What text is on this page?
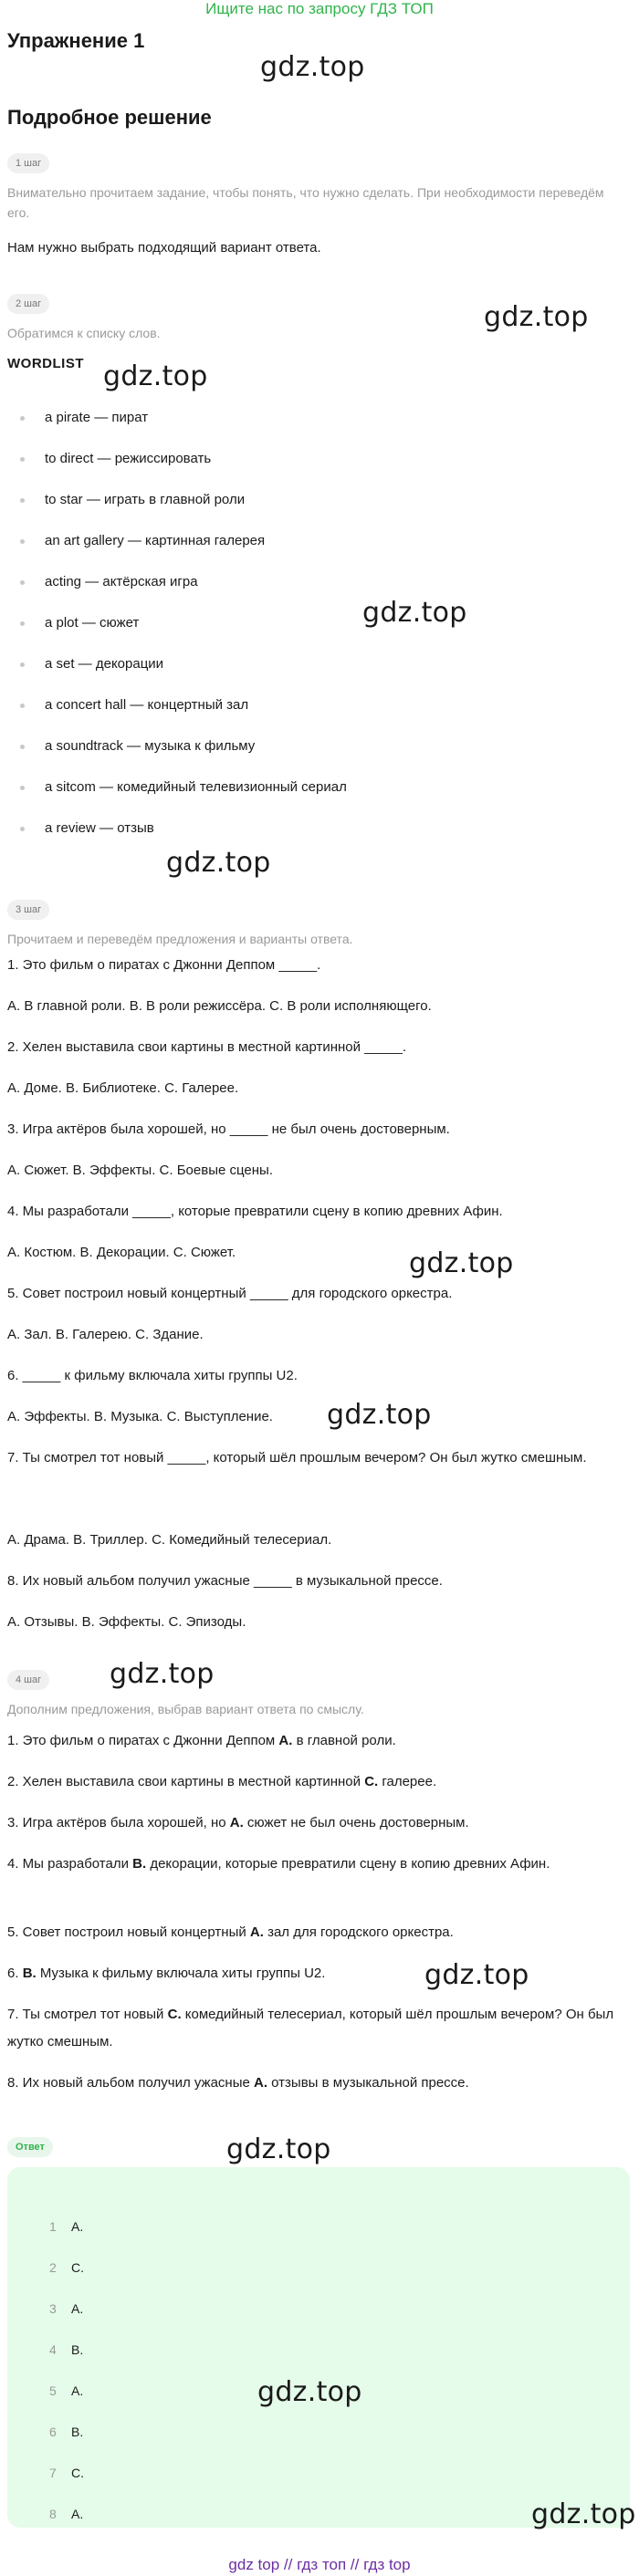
Ищите нас по запросу ГДЗ ТОП
Упражнение 1
Подробное решение
1 шаг
Внимательно прочитаем задание, чтобы понять, что нужно сделать. При необходимости переведём его.
Нам нужно выбрать подходящий вариант ответа.
2 шаг
Обратимся к списку слов.
WORDLIST
a pirate — пират
to direct — режиссировать
to star — играть в главной роли
an art gallery — картинная галерея
acting — актёрская игра
a plot — сюжет
a set — декорации
a concert hall — концертный зал
a soundtrack — музыка к фильму
a sitcom — комедийный телевизионный сериал
a review — отзыв
3 шаг
Прочитаем и переведём предложения и варианты ответа.
1. Это фильм о пиратах с Джонни Деппом _____.
A. В главной роли. B. В роли режиссёра. C. В роли исполняющего.
2. Хелен выставила свои картины в местной картинной _____.
A. Доме. B. Библиотеке. C. Галерее.
3. Игра актёров была хорошей, но _____ не был очень достоверным.
A. Сюжет. B. Эффекты. C. Боевые сцены.
4. Мы разработали _____, которые превратили сцену в копию древних Афин.
A. Костюм. B. Декорации. C. Сюжет.
5. Совет построил новый концертный _____ для городского оркестра.
A. Зал. B. Галерею. C. Здание.
6. _____ к фильму включала хиты группы U2.
A. Эффекты. B. Музыка. C. Выступление.
7. Ты смотрел тот новый _____, который шёл прошлым вечером? Он был жутко смешным.
A. Драма. B. Триллер. C. Комедийный телесериал.
8. Их новый альбом получил ужасные _____ в музыкальной прессе.
A. Отзывы. B. Эффекты. C. Эпизоды.
4 шаг
Дополним предложения, выбрав вариант ответа по смыслу.
1. Это фильм о пиратах с Джонни Деппом A. в главной роли.
2. Хелен выставила свои картины в местной картинной C. галерее.
3. Игра актёров была хорошей, но A. сюжет не был очень достоверным.
4. Мы разработали B. декорации, которые превратили сцену в копию древних Афин.
5. Совет построил новый концертный A. зал для городского оркестра.
6. B. Музыка к фильму включала хиты группы U2.
7. Ты смотрел тот новый C. комедийный телесериал, который шёл прошлым вечером? Он был жутко смешным.
8. Их новый альбом получил ужасные A. отзывы в музыкальной прессе.
Ответ
1 A.
2 C.
3 A.
4 B.
5 A.
6 B.
7 C.
8 A.
gdz.top
gdz.top
gdz.top
gdz.top
gdz.top
gdz.top
gdz.top
gdz.top
gdz.top
gdz.top
gdz.top
gdz.top
gdz top // гдз топ // гдз top
